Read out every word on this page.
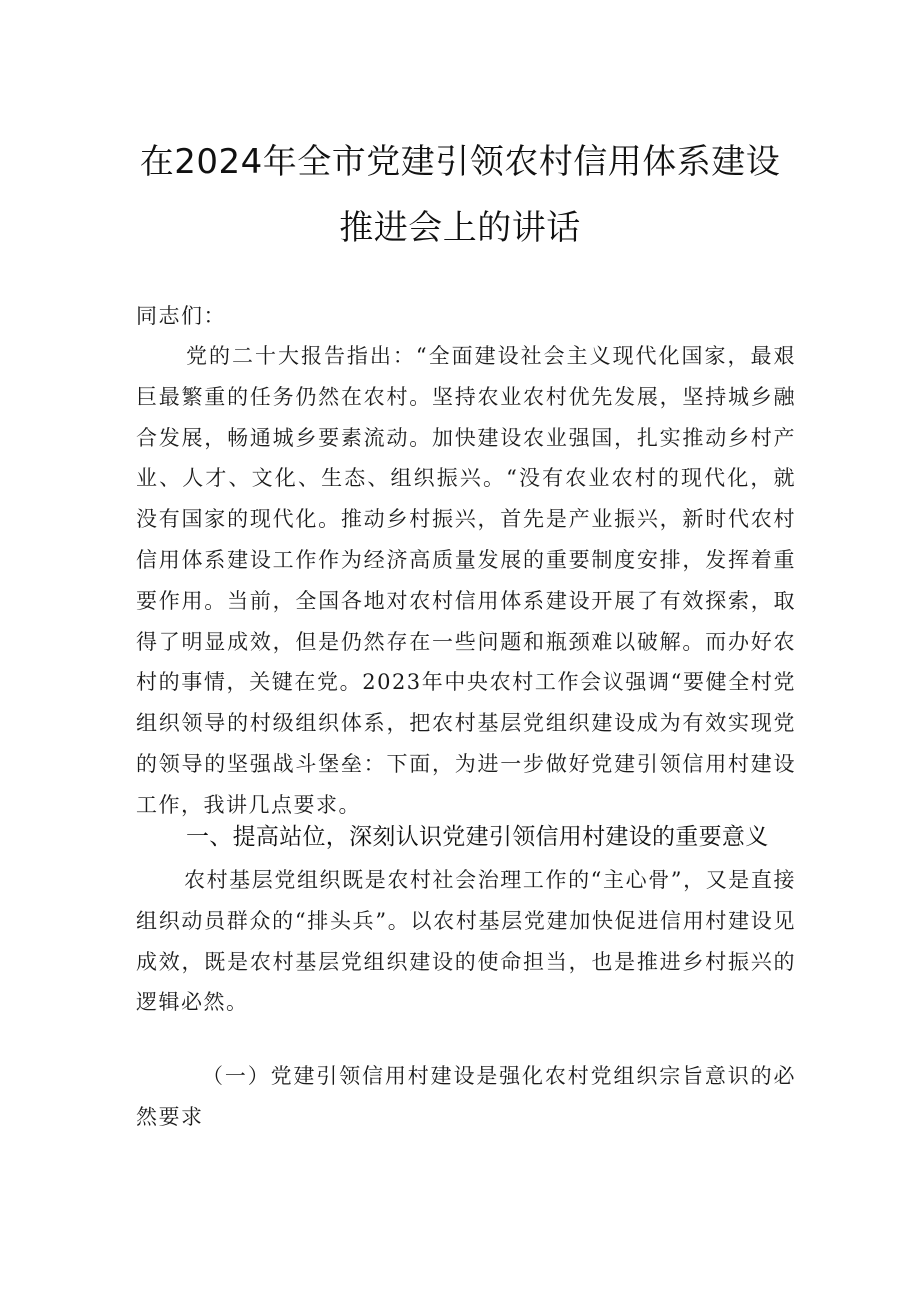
在2024年全市党建引领农村信用体系建设
推进会上的讲话
同志们：
党的二十大报告指出：“全面建设社会主义现代化国家，最艰巨最繁重的任务仍然在农村。坚持农业农村优先发展，坚持城乡融合发展，畅通城乡要素流动。加快建设农业强国，扎实推动乡村产业、人才、文化、生态、组织振兴。“没有农业农村的现代化，就没有国家的现代化。推动乡村振兴，首先是产业振兴，新时代农村信用体系建设工作作为经济高质量发展的重要制度安排，发挥着重要作用。当前，全国各地对农村信用体系建设开展了有效探索，取得了明显成效，但是仍然存在一些问题和瓶颈难以破解。而办好农村的事情，关键在党。2023年中央农村工作会议强调“要健全村党组织领导的村级组织体系，把农村基层党组织建设成为有效实现党的领导的坚强战斗堡垒：下面，为进一步做好党建引领信用村建设工作，我讲几点要求。
一、提高站位，深刻认识党建引领信用村建设的重要意义
农村基层党组织既是农村社会治理工作的“主心骨”，又是直接组织动员群众的“排头兵”。以农村基层党建加快促进信用村建设见成效，既是农村基层党组织建设的使命担当，也是推进乡村振兴的逻辑必然。
（一）党建引领信用村建设是强化农村党组织宗旨意识的必然要求
